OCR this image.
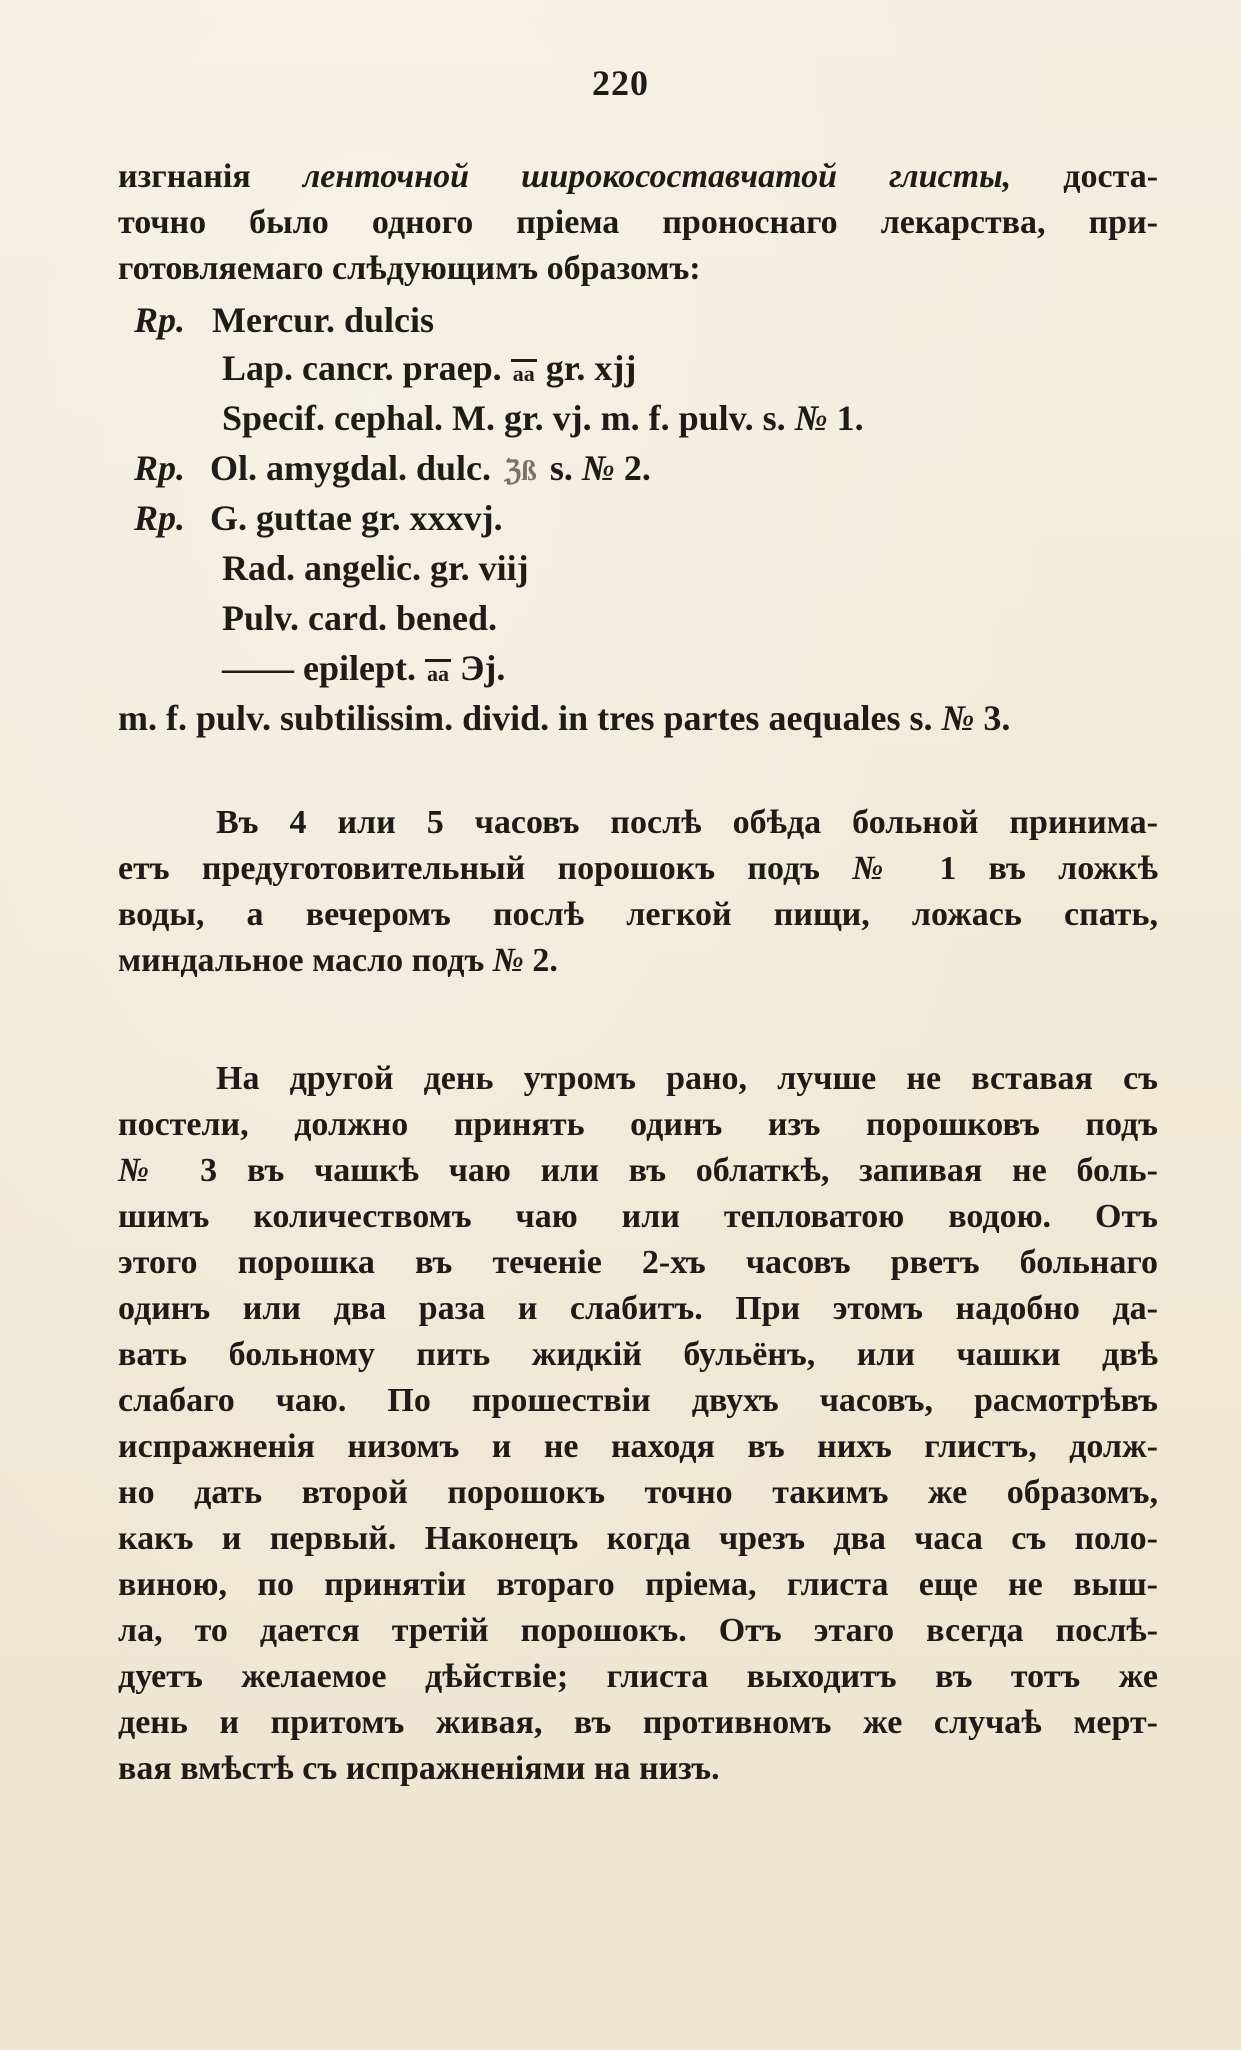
220
изгнанія ленточной широкосоставчатой глисты, доста-
точно было одного пріема проноснаго лекарства, при-
готовляемаго слѣдующимъ образомъ:
Rp. Mercur. dulcis
Lap. cancr. praep. aa gr. xjj
Specif. cephal. M. gr. vj. m. f. pulv. s. № 1.
Rp. Ol. amygdal. dulc. ℨß s. № 2.
Rp. G. guttae gr. xxxvj.
Rad. angelic. gr. viij
Pulv. card. bened.
—— epilept. aa Эj.
m. f. pulv. subtilissim. divid. in tres partes aequales s. № 3.
Въ 4 или 5 часовъ послѣ обѣда больной принима-
етъ предуготовительный порошокъ подъ № 1 въ ложкѣ
воды, а вечеромъ послѣ легкой пищи, ложась спать,
миндальное масло подъ № 2.
На другой день утромъ рано, лучше не вставая съ
постели, должно принять одинъ изъ порошковъ подъ
№ 3 въ чашкѣ чаю или въ облаткѣ, запивая не боль-
шимъ количествомъ чаю или тепловатою водою. Отъ
этого порошка въ теченіе 2-хъ часовъ рветъ больнаго
одинъ или два раза и слабитъ. При этомъ надобно да-
вать больному пить жидкій бульёнъ, или чашки двѣ
слабаго чаю. По прошествіи двухъ часовъ, расмотрѣвъ
испражненія низомъ и не находя въ нихъ глистъ, долж-
но дать второй порошокъ точно такимъ же образомъ,
какъ и первый. Наконецъ когда чрезъ два часа съ поло-
виною, по принятіи втораго пріема, глиста еще не выш-
ла, то дается третій порошокъ. Отъ этаго всегда послѣ-
дуетъ желаемое дѣйствіе; глиста выходитъ въ тотъ же
день и притомъ живая, въ противномъ же случаѣ мерт-
вая вмѣстѣ съ испражненіями на низъ.
